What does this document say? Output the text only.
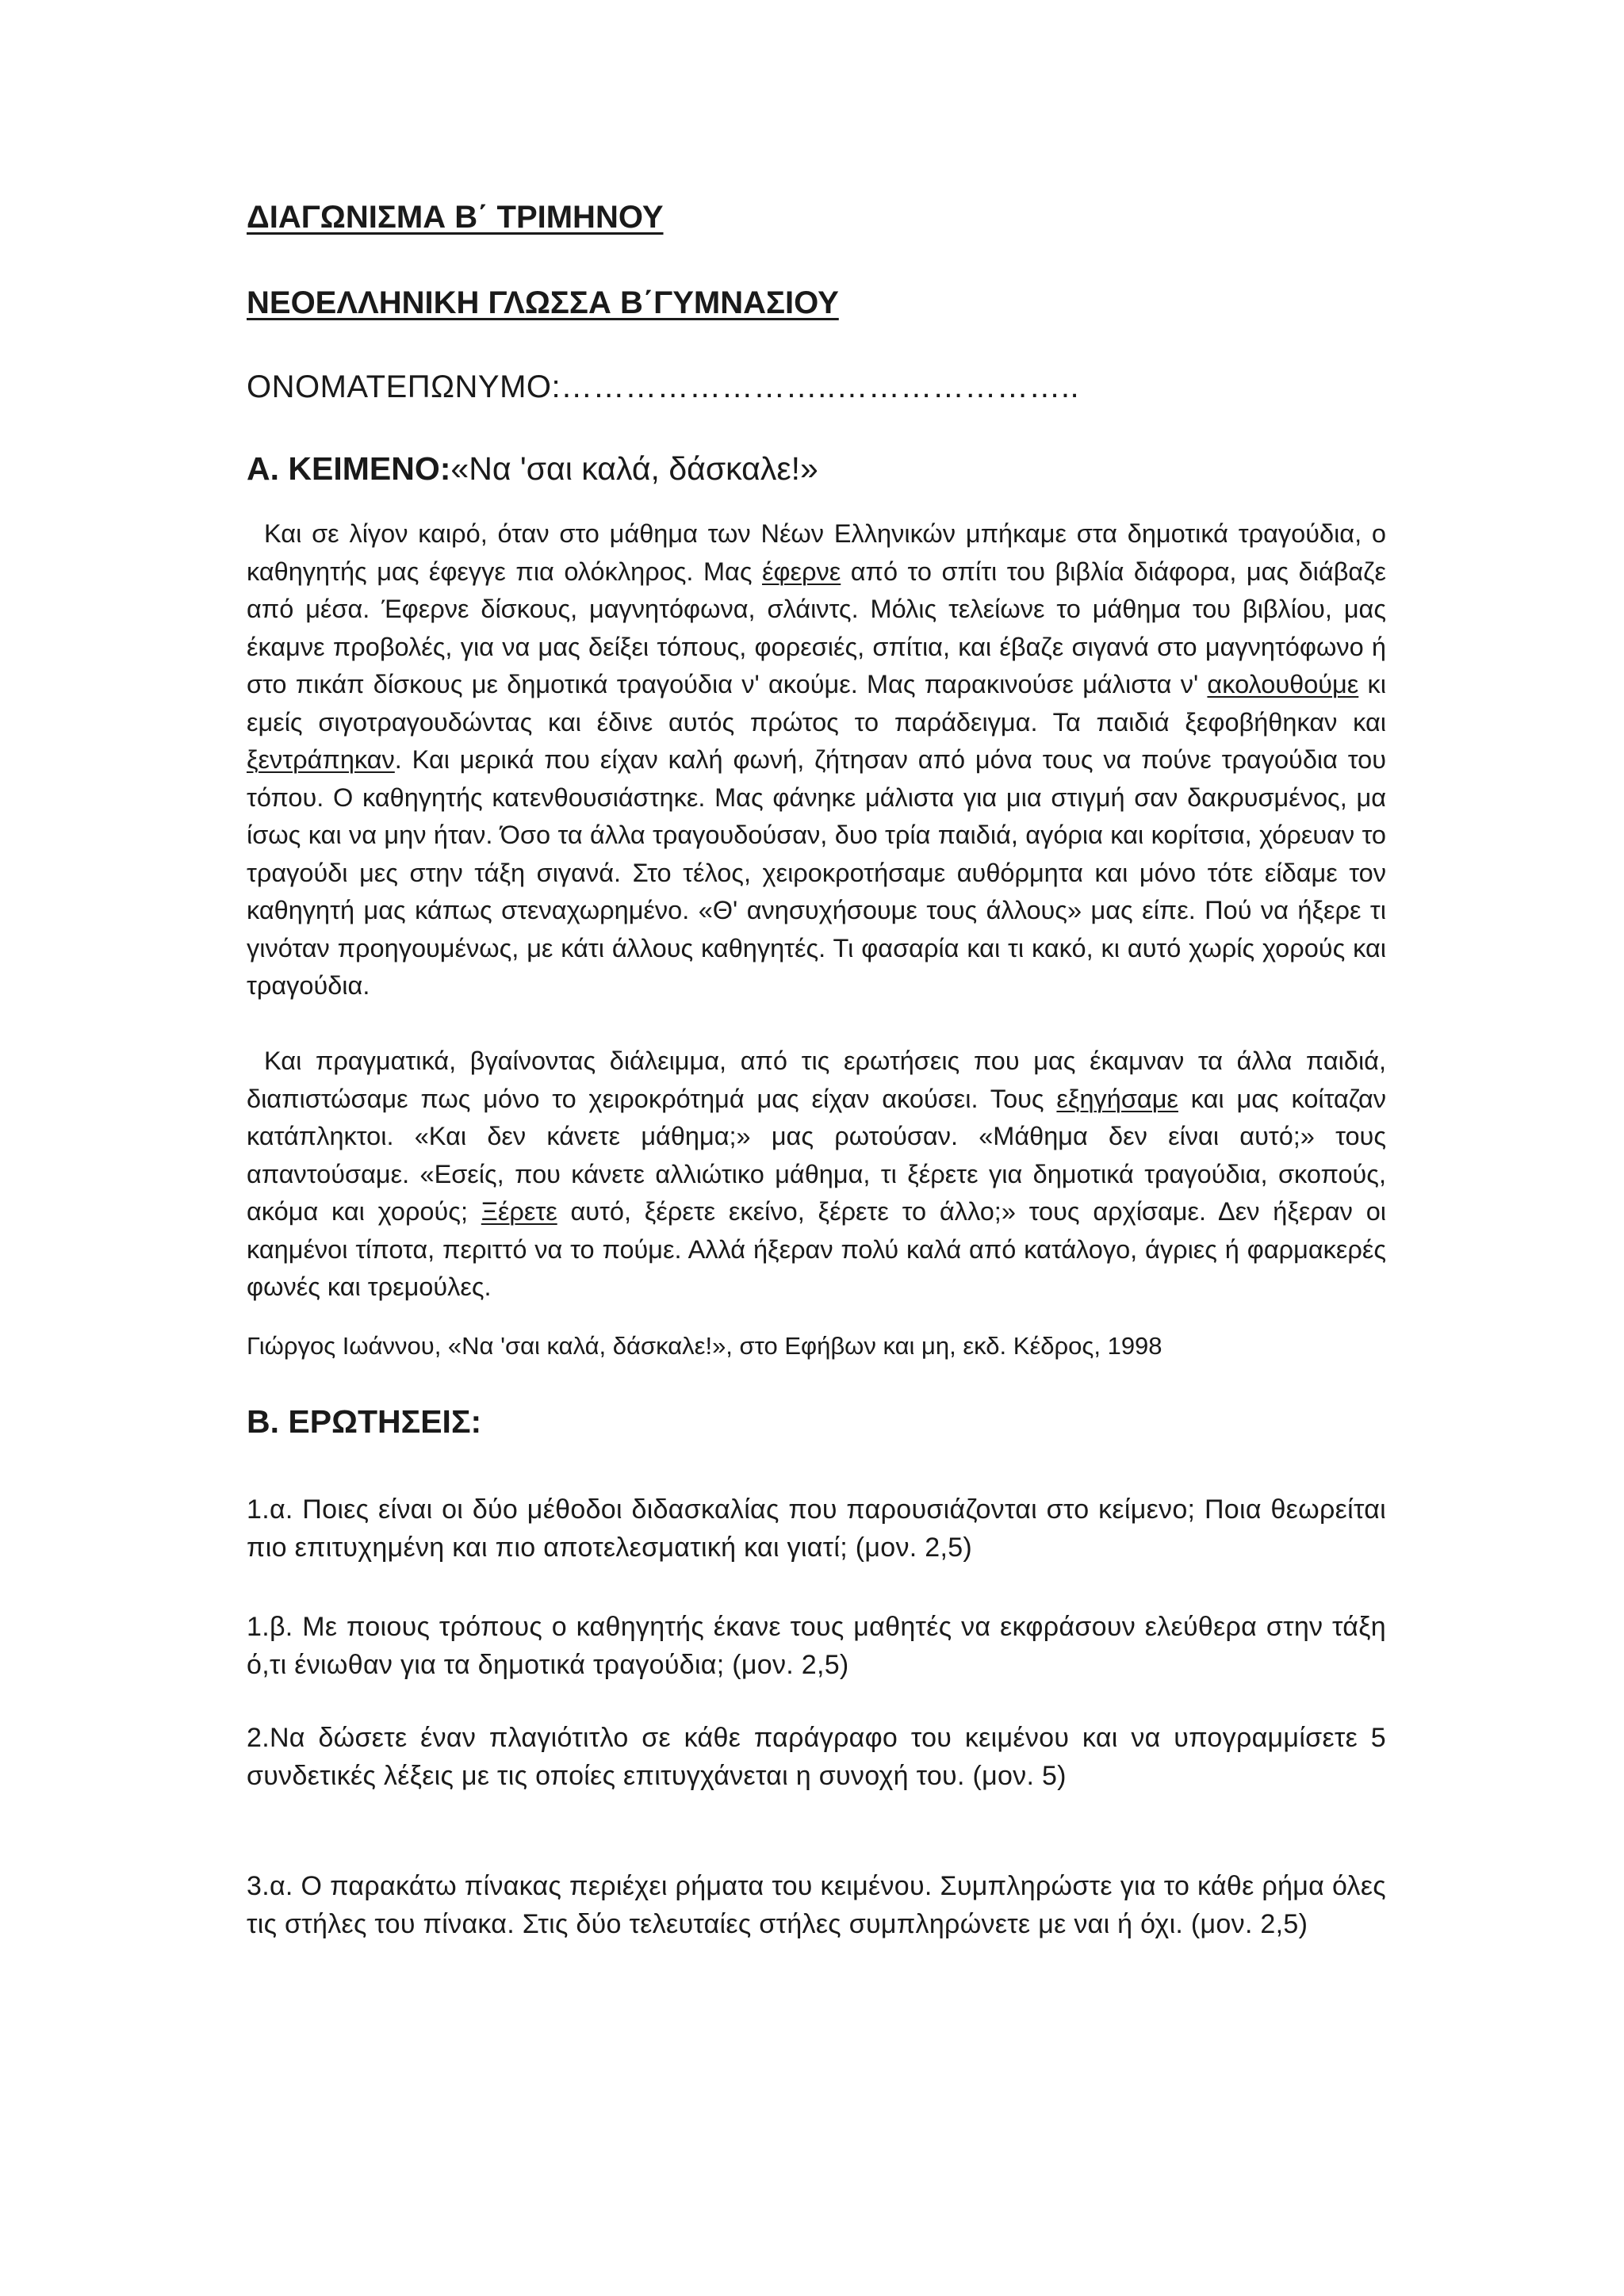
ΔΙΑΓΩΝΙΣΜΑ Β΄ ΤΡΙΜΗΝΟΥ
ΝΕΟΕΛΛΗΝΙΚΗ ΓΛΩΣΣΑ Β΄ΓΥΜΝΑΣΙΟΥ
ΟΝΟΜΑΤΕΠΩΝΥΜΟ:……………………..…………………..
Α. ΚΕΙΜΕΝΟ:«Να 'σαι καλά, δάσκαλε!»
Και σε λίγον καιρό, όταν στο μάθημα των Νέων Ελληνικών μπήκαμε στα δημοτικά τραγούδια, ο καθηγητής μας έφεγγε πια ολόκληρος. Μας έφερνε από το σπίτι του βιβλία διάφορα, μας διάβαζε από μέσα. Έφερνε δίσκους, μαγνητόφωνα, σλάιντς. Μόλις τελείωνε το μάθημα του βιβλίου, μας έκαμνε προβολές, για να μας δείξει τόπους, φορεσιές, σπίτια, και έβαζε σιγανά στο μαγνητόφωνο ή στο πικάπ δίσκους με δημοτικά τραγούδια ν' ακούμε. Μας παρακινούσε μάλιστα ν' ακολουθούμε κι εμείς σιγοτραγουδώντας και έδινε αυτός πρώτος το παράδειγμα. Τα παιδιά ξεφοβήθηκαν και ξεντράπηκαν. Και μερικά που είχαν καλή φωνή, ζήτησαν από μόνα τους να πούνε τραγούδια του τόπου. Ο καθηγητής κατενθουσιάστηκε. Μας φάνηκε μάλιστα για μια στιγμή σαν δακρυσμένος, μα ίσως και να μην ήταν. Όσο τα άλλα τραγουδούσαν, δυο τρία παιδιά, αγόρια και κορίτσια, χόρευαν το τραγούδι μες στην τάξη σιγανά. Στο τέλος, χειροκροτήσαμε αυθόρμητα και μόνο τότε είδαμε τον καθηγητή μας κάπως στεναχωρημένο. «Θ' ανησυχήσουμε τους άλλους» μας είπε. Πού να ήξερε τι γινόταν προηγουμένως, με κάτι άλλους καθηγητές. Τι φασαρία και τι κακό, κι αυτό χωρίς χορούς και τραγούδια.
Και πραγματικά, βγαίνοντας διάλειμμα, από τις ερωτήσεις που μας έκαμναν τα άλλα παιδιά, διαπιστώσαμε πως μόνο το χειροκρότημά μας είχαν ακούσει. Τους εξηγήσαμε και μας κοίταζαν κατάπληκτοι. «Και δεν κάνετε μάθημα;» μας ρωτούσαν. «Μάθημα δεν είναι αυτό;» τους απαντούσαμε. «Εσείς, που κάνετε αλλιώτικο μάθημα, τι ξέρετε για δημοτικά τραγούδια, σκοπούς, ακόμα και χορούς; Ξέρετε αυτό, ξέρετε εκείνο, ξέρετε το άλλο;» τους αρχίσαμε. Δεν ήξεραν οι καημένοι τίποτα, περιττό να το πούμε. Αλλά ήξεραν πολύ καλά από κατάλογο, άγριες ή φαρμακερές φωνές και τρεμούλες.
Γιώργος Ιωάννου, «Να 'σαι καλά, δάσκαλε!», στο Εφήβων και μη, εκδ. Κέδρος, 1998
Β. ΕΡΩΤΗΣΕΙΣ:
1.α. Ποιες είναι οι δύο μέθοδοι διδασκαλίας που παρουσιάζονται στο κείμενο; Ποια θεωρείται πιο επιτυχημένη και πιο αποτελεσματική και γιατί; (μον. 2,5)
1.β. Με ποιους τρόπους ο καθηγητής έκανε τους μαθητές να εκφράσουν ελεύθερα στην τάξη ό,τι ένιωθαν για τα δημοτικά τραγούδια; (μον. 2,5)
2.Να δώσετε έναν πλαγιότιτλο σε κάθε παράγραφο του κειμένου και να υπογραμμίσετε 5 συνδετικές λέξεις με τις οποίες επιτυγχάνεται η συνοχή του. (μον. 5)
3.α. Ο παρακάτω πίνακας περιέχει ρήματα του κειμένου. Συμπληρώστε για το κάθε ρήμα όλες τις στήλες του πίνακα. Στις δύο τελευταίες στήλες συμπληρώνετε με ναι ή όχι. (μον. 2,5)
